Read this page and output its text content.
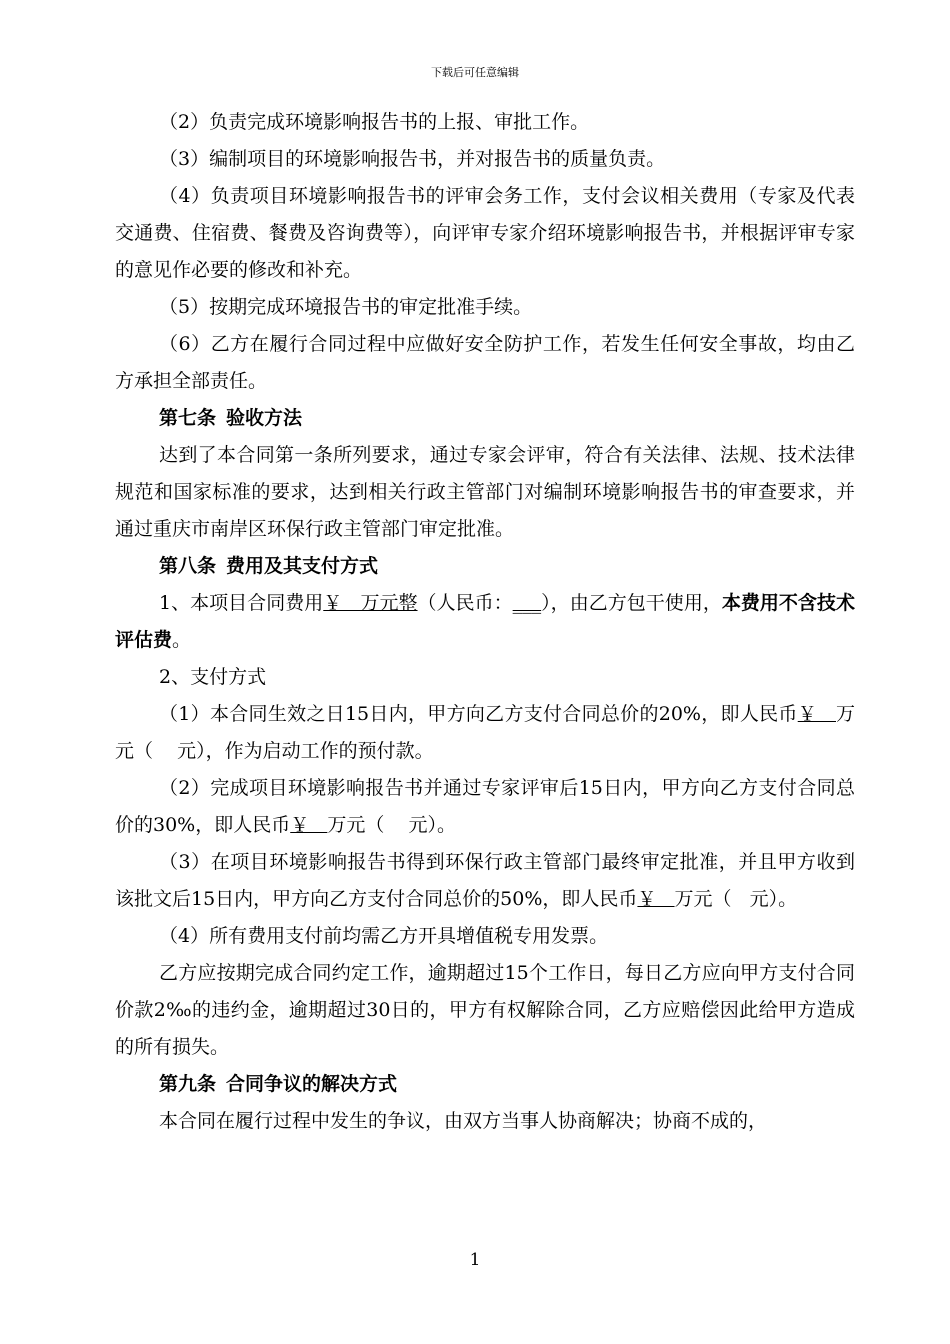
下载后可任意编辑

（2）负责完成环境影响报告书的上报、审批工作。

（3）编制项目的环境影响报告书，并对报告书的质量负责。

（4）负责项目环境影响报告书的评审会务工作，支付会议相关费用（专家及代表交通费、住宿费、餐费及咨询费等），向评审专家介绍环境影响报告书，并根据评审专家的意见作必要的修改和补充。

（5）按期完成环境报告书的审定批准手续。

（6）乙方在履行合同过程中应做好安全防护工作，若发生任何安全事故，均由乙方承担全部责任。

第七条 验收方法

达到了本合同第一条所列要求，通过专家会评审，符合有关法律、法规、技术法律规范和国家标准的要求，达到相关行政主管部门对编制环境影响报告书的审查要求，并通过重庆市南岸区环保行政主管部门审定批准。

第八条 费用及其支付方式

1、本项目合同费用￥   万元整（人民币：___），由乙方包干使用，本费用不含技术评估费。

2、支付方式

（1）本合同生效之日15日内，甲方向乙方支付合同总价的20%，即人民币￥   万元（    元），作为启动工作的预付款。

（2）完成项目环境影响报告书并通过专家评审后15日内，甲方向乙方支付合同总价的30%，即人民币￥   万元（    元）。

（3）在项目环境影响报告书得到环保行政主管部门最终审定批准，并且甲方收到该批文后15日内，甲方向乙方支付合同总价的50%，即人民币￥   万元（   元）。

（4）所有费用支付前均需乙方开具增值税专用发票。

乙方应按期完成合同约定工作，逾期超过15个工作日，每日乙方应向甲方支付合同价款2‰的违约金，逾期超过30日的，甲方有权解除合同，乙方应赔偿因此给甲方造成的所有损失。

第九条 合同争议的解决方式

本合同在履行过程中发生的争议，由双方当事人协商解决；协商不成的，

1
